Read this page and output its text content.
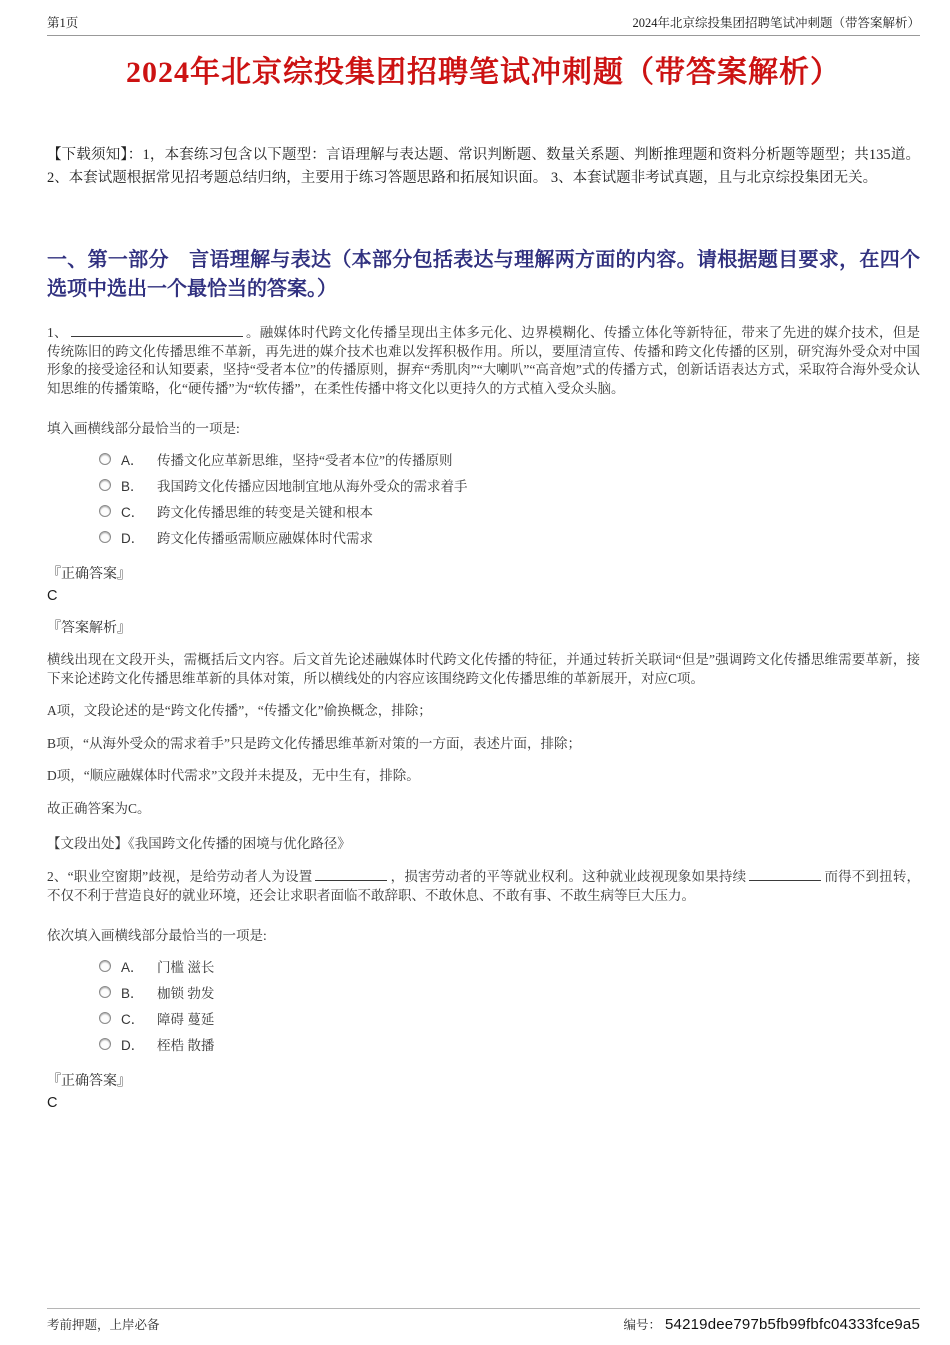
第1页	2024年北京综投集团招聘笔试冲刺题（带答案解析）
2024年北京综投集团招聘笔试冲刺题（带答案解析）

【下载须知】：1，本套练习包含以下题型：言语理解与表达题、常识判断题、数量关系题、判断推理题和资料分析题等题型；共135道。 2、本套试题根据常见招考题总结归纳，主要用于练习答题思路和拓展知识面。 3、本套试题非考试真题，且与北京综投集团无关。

一、第一部分　言语理解与表达（本部分包括表达与理解两方面的内容。请根据题目要求，在四个选项中选出一个最恰当的答案。）

1、	。融媒体时代跨文化传播呈现出主体多元化、边界模糊化、传播立体化等新特征，带来了先进的媒介技术，但是传统陈旧的跨文化传播思维不革新，再先进的媒介技术也难以发挥积极作用。所以，要厘清宣传、传播和跨文化传播的区别，研究海外受众对中国形象的接受途径和认知要素，坚持“受者本位”的传播原则，摒弃“秀肌肉”“大喇叭”“高音炮”式的传播方式，创新话语表达方式，采取符合海外受众认知思维的传播策略，化“硬传播”为“软传播”，在柔性传播中将文化以更持久的方式植入受众头脑。

填入画横线部分最恰当的一项是:

A． 传播文化应革新思维，坚持“受者本位”的传播原则
B． 我国跨文化传播应因地制宜地从海外受众的需求着手
C． 跨文化传播思维的转变是关键和根本
D． 跨文化传播亟需顺应融媒体时代需求
『正确答案』
C
『答案解析』

横线出现在文段开头，需概括后文内容。后文首先论述融媒体时代跨文化传播的特征，并通过转折关联词“但是”强调跨文化传播思维需要革新，接下来论述跨文化传播思维革新的具体对策，所以横线处的内容应该围绕跨文化传播思维的革新展开，对应C项。

A项，文段论述的是“跨文化传播”，“传播文化”偷换概念，排除；

B项，“从海外受众的需求着手”只是跨文化传播思维革新对策的一方面，表述片面，排除；

D项，“顺应融媒体时代需求”文段并未提及，无中生有，排除。

故正确答案为C。

【文段出处】《我国跨文化传播的困境与优化路径》

2、“职业空窗期”歧视，是给劳动者人为设置	，损害劳动者的平等就业权利。这种就业歧视现象如果持续	而得不到扭转，不仅不利于营造良好的就业环境，还会让求职者面临不敢辞职、不敢休息、不敢有事、不敢生病等巨大压力。

依次填入画横线部分最恰当的一项是:

A． 门槛 滋长
B． 枷锁 勃发
C． 障碍 蔓延
D． 桎梏 散播
『正确答案』
C
考前押题，上岸必备	编号： 54219dee797b5fb99fbfc04333fce9a5
